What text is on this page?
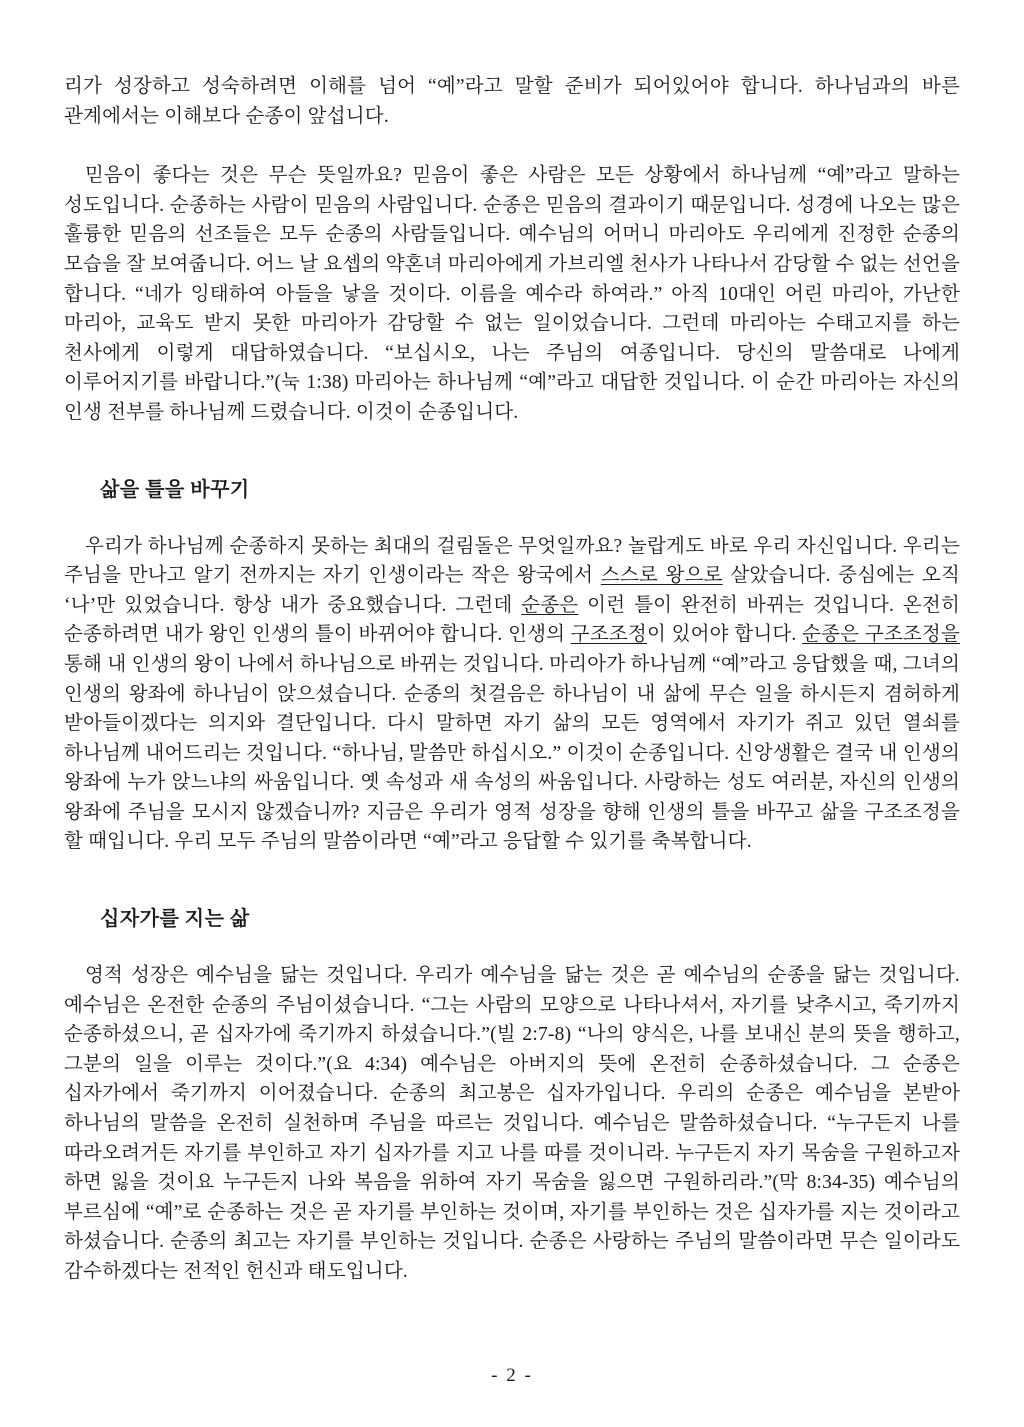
리가 성장하고 성숙하려면 이해를 넘어 “예”라고 말할 준비가 되어있어야 합니다. 하나님과의 바른 관계에서는 이해보다 순종이 앞섭니다.

믿음이 좋다는 것은 무슨 뜻일까요? 믿음이 좋은 사람은 모든 상황에서 하나님께 “예”라고 말하는 성도입니다. 순종하는 사람이 믿음의 사람입니다. 순종은 믿음의 결과이기 때문입니다. 성경에 나오는 많은 훌륭한 믿음의 선조들은 모두 순종의 사람들입니다. 예수님의 어머니 마리아도 우리에게 진정한 순종의 모습을 잘 보여줍니다. 어느 날 요셉의 약혼녀 마리아에게 가브리엘 천사가 나타나서 감당할 수 없는 선언을 합니다. “네가 잉태하여 아들을 낳을 것이다. 이름을 예수라 하여라.” 아직 10대인 어린 마리아, 가난한 마리아, 교육도 받지 못한 마리아가 감당할 수 없는 일이었습니다. 그런데 마리아는 수태고지를 하는 천사에게 이렇게 대답하였습니다. “보십시오, 나는 주님의 여종입니다. 당신의 말씀대로 나에게 이루어지기를 바랍니다.”(눅 1:38) 마리아는 하나님께 “예”라고 대답한 것입니다. 이 순간 마리아는 자신의 인생 전부를 하나님께 드렸습니다. 이것이 순종입니다.

삶을 틀을 바꾸기

우리가 하나님께 순종하지 못하는 최대의 걸림돌은 무엇일까요? 놀랍게도 바로 우리 자신입니다. 우리는 주님을 만나고 알기 전까지는 자기 인생이라는 작은 왕국에서 스스로 왕으로 살았습니다. 중심에는 오직 ‘나’만 있었습니다. 항상 내가 중요했습니다. 그런데 순종은 이런 틀이 완전히 바뀌는 것입니다. 온전히 순종하려면 내가 왕인 인생의 틀이 바뀌어야 합니다. 인생의 구조조정이 있어야 합니다. 순종은 구조조정을 통해 내 인생의 왕이 나에서 하나님으로 바뀌는 것입니다. 마리아가 하나님께 “예”라고 응답했을 때, 그녀의 인생의 왕좌에 하나님이 앉으셨습니다. 순종의 첫걸음은 하나님이 내 삶에 무슨 일을 하시든지 겸허하게 받아들이겠다는 의지와 결단입니다. 다시 말하면 자기 삶의 모든 영역에서 자기가 쥐고 있던 열쇠를 하나님께 내어드리는 것입니다. “하나님, 말씀만 하십시오.” 이것이 순종입니다. 신앙생활은 결국 내 인생의 왕좌에 누가 앉느냐의 싸움입니다. 옛 속성과 새 속성의 싸움입니다. 사랑하는 성도 여러분, 자신의 인생의 왕좌에 주님을 모시지 않겠습니까? 지금은 우리가 영적 성장을 향해 인생의 틀을 바꾸고 삶을 구조조정을 할 때입니다. 우리 모두 주님의 말씀이라면 “예”라고 응답할 수 있기를 축복합니다.

십자가를 지는 삶

영적 성장은 예수님을 닮는 것입니다. 우리가 예수님을 닮는 것은 곧 예수님의 순종을 닮는 것입니다. 예수님은 온전한 순종의 주님이셨습니다. “그는 사람의 모양으로 나타나셔서, 자기를 낮추시고, 죽기까지 순종하셨으니, 곧 십자가에 죽기까지 하셨습니다.”(빌 2:7-8) “나의 양식은, 나를 보내신 분의 뜻을 행하고, 그분의 일을 이루는 것이다.”(요 4:34) 예수님은 아버지의 뜻에 온전히 순종하셨습니다. 그 순종은 십자가에서 죽기까지 이어졌습니다. 순종의 최고봉은 십자가입니다. 우리의 순종은 예수님을 본받아 하나님의 말씀을 온전히 실천하며 주님을 따르는 것입니다. 예수님은 말씀하셨습니다. “누구든지 나를 따라오려거든 자기를 부인하고 자기 십자가를 지고 나를 따를 것이니라. 누구든지 자기 목숨을 구원하고자 하면 잃을 것이요 누구든지 나와 복음을 위하여 자기 목숨을 잃으면 구원하리라.”(막 8:34-35) 예수님의 부르심에 “예”로 순종하는 것은 곧 자기를 부인하는 것이며, 자기를 부인하는 것은 십자가를 지는 것이라고 하셨습니다. 순종의 최고는 자기를 부인하는 것입니다. 순종은 사랑하는 주님의 말씀이라면 무슨 일이라도 감수하겠다는 전적인 헌신과 태도입니다.

- 2 -
